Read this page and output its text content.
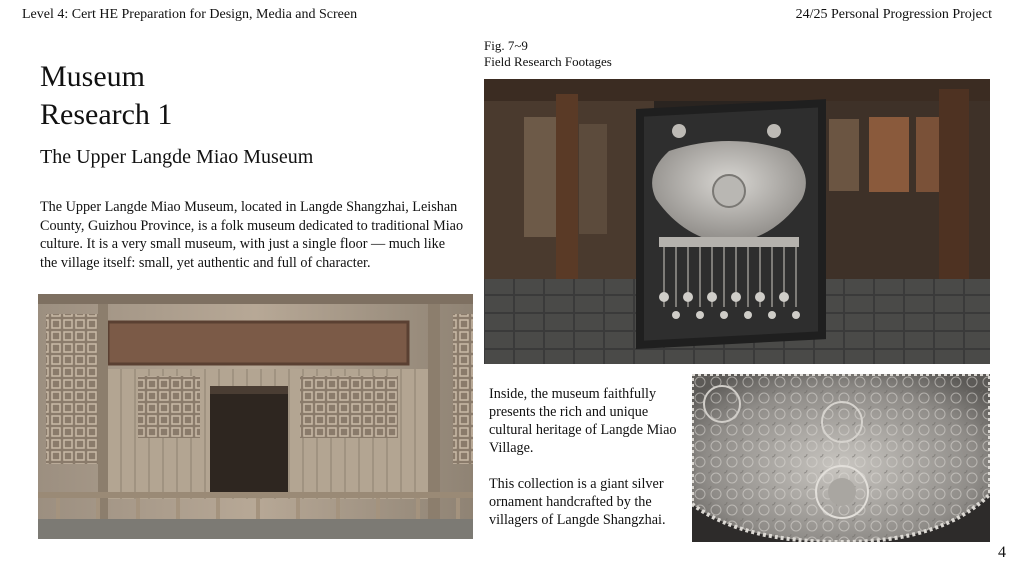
Level 4: Cert HE Preparation for Design, Media and Screen	24/25 Personal Progression Project
Museum
Research 1
The Upper Langde Miao Museum
The Upper Langde Miao Museum, located in Langde Shangzhai, Leishan County, Guizhou Province, is a folk museum dedicated to traditional Miao culture. It is a very small museum, with just a single floor — much like the village itself: small, yet authentic and full of character.
Fig. 7~9
Field Research Footages
Inside, the museum faithfully presents the rich and unique cultural heritage of Langde Miao Village.
This collection is a giant silver ornament handcrafted by the villagers of Langde Shangzhai.
4
